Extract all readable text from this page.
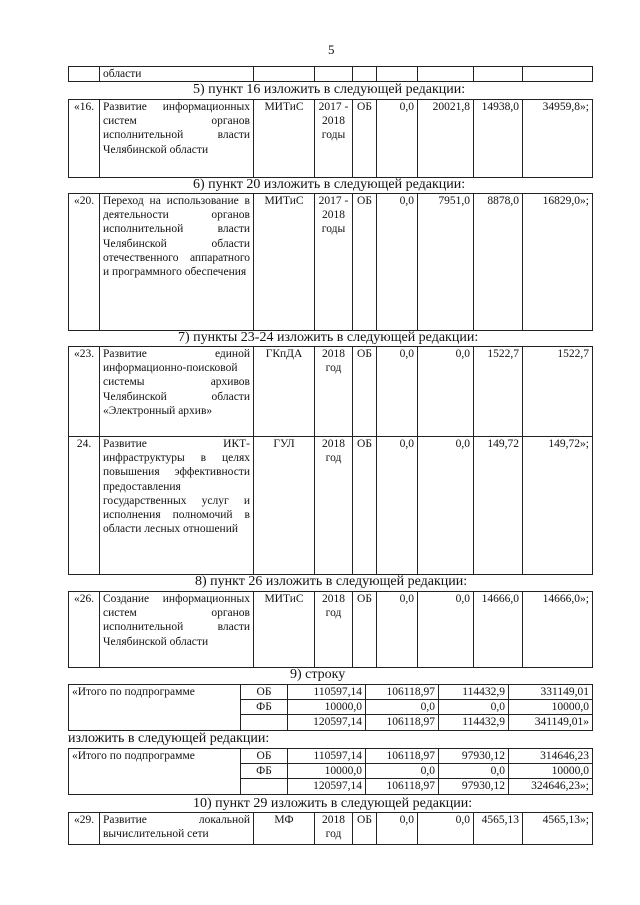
5
	области							
5) пункт 16 изложить в следующей редакции:
«16.	Развитие информационных систем органов исполнительной власти Челябинской области	МИТиС	2017 - 2018 годы	ОБ	0,0	20021,8	14938,0	34959,8»;
6) пункт 20 изложить в следующей редакции:
«20.	Переход на использование в деятельности органов исполнительной власти Челябинской области отечественного аппаратного и программного обеспечения	МИТиС	2017 - 2018 годы	ОБ	0,0	7951,0	8878,0	16829,0»;
7) пункты 23-24 изложить в следующей редакции:
«23.	Развитие единой информационно-поисковой системы архивов Челябинской области «Электронный архив»	ГКпДА	2018 год	ОБ	0,0	0,0	1522,7	1522,7
24.	Развитие ИКТ-инфраструктуры в целях повышения эффективности предоставления государственных услуг и исполнения полномочий в области лесных отношений	ГУЛ	2018 год	ОБ	0,0	0,0	149,72	149,72»;
8) пункт 26 изложить в следующей редакции:
«26.	Создание информационных систем органов исполнительной власти Челябинской области	МИТиС	2018 год	ОБ	0,0	0,0	14666,0	14666,0»;
9) строку
«Итого по подпрограмме	ОБ	110597,14	106118,97	114432,9	331149,01
	ФБ	10000,0	0,0	0,0	10000,0
		120597,14	106118,97	114432,9	341149,01»
изложить в следующей редакции:
«Итого по подпрограмме	ОБ	110597,14	106118,97	97930,12	314646,23
	ФБ	10000,0	0,0	0,0	10000,0
		120597,14	106118,97	97930,12	324646,23»;
10) пункт 29 изложить в следующей редакции:
«29.	Развитие локальной вычислительной сети	МФ	2018 год	ОБ	0,0	0,0	4565,13	4565,13»;
